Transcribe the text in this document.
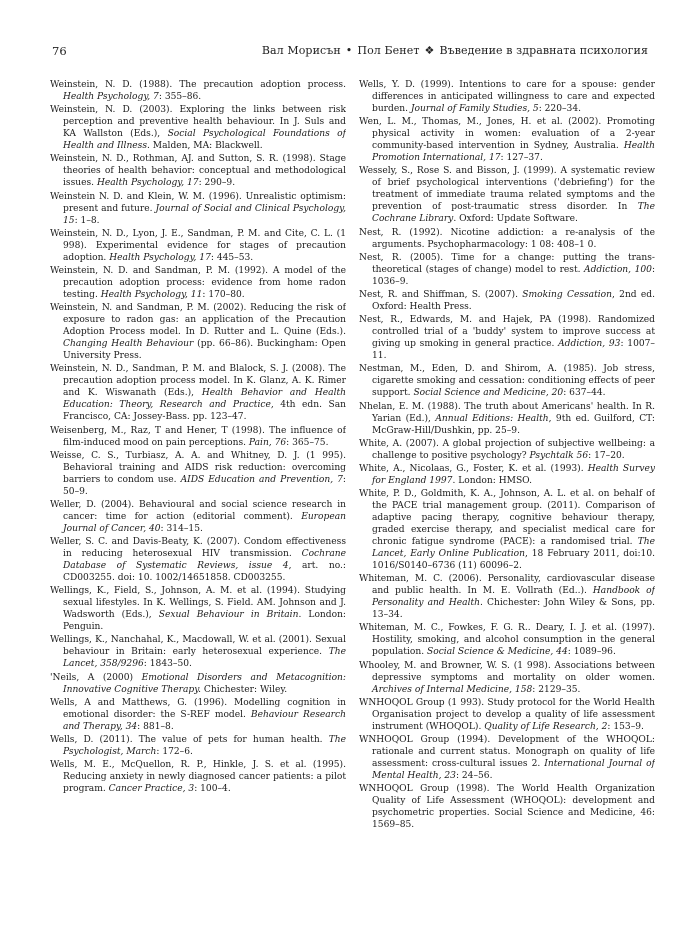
76	Вал Морисън • Пол Бенет ❖ Въведение в здравната психология

Weinstein, N. D. (1988). The precaution adoption process. Health Psychology, 7: 355–86.

Weinstein, N. D. (2003). Exploring the links between risk perception and preventive health behaviour. In J. Suls and KA Wallston (Eds.), Social Psychological Foundations of Health and Illness. Malden, MA: Blackwell.

Weinstein, N. D., Rothman, AJ. and Sutton, S. R. (1998). Stage theories of health behavior: conceptual and methodological issues. Health Psychology, 17: 290–9.

Weinstein N. D. and Klein, W. M. (1996). Unrealistic optimism: present and future. Journal of Social and Clinical Psychology, 15: 1–8.

Weinstein, N. D., Lyon, J. E., Sandman, P. M. and Cite, C. L. (1 998). Experimental evidence for stages of precaution adoption. Health Psychology, 17: 445–53.

Weinstein, N. D. and Sandman, P. M. (1992). A model of the precaution adoption process: evidence from home radon testing. Health Psychology, 11: 170–80.

Weinstein, N. and Sandman, P. M. (2002). Reducing the risk of exposure to radon gas: an application of the Precaution Adoption Process model. In D. Rutter and L. Quine (Eds.). Changing Health Behaviour (pp. 66–86). Buckingham: Open University Press.

Weinstein, N. D., Sandman, P. M. and Blalock, S. J. (2008). The precaution adoption process model. In K. Glanz, A. K. Rimer and K. Wiswanath (Eds.), Health Behavior and Health Education: Theory, Research and Practice, 4th edn. San Francisco, CA: Jossey-Bass. pp. 123–47.

Weisenberg, M., Raz, T and Hener, T (1998). The influence of film-induced mood on pain perceptions. Pain, 76: 365–75.

Weisse, C. S., Turbiasz, A. A. and Whitney, D. J. (1 995). Behavioral training and AIDS risk reduction: overcoming barriers to condom use. AIDS Education and Prevention, 7: 50–9.

Weller, D. (2004). Behavioural and social science research in cancer: time for action (editorial comment). European Journal of Cancer, 40: 314–15.

Weller, S. C. and Davis-Beaty, K. (2007). Condom effectiveness in reducing heterosexual HIV transmission. Cochrane Database of Systematic Reviews, issue 4, art. no.: CD003255. doi: 10. 1002/14651858. CD003255.

Wellings, K., Field, S., Johnson, A. M. et al. (1994). Studying sexual lifestyles. In K. Wellings, S. Field. AM. Johnson and J. Wadsworth (Eds.), Sexual Behaviour in Britain. London: Penguin.

Wellings, K., Nanchahal, K., Macdowall, W. et al. (2001). Sexual behaviour in Britain: early heterosexual experience. The Lancet, 358/9296: 1843–50.

'Neils, A (2000) Emotional Disorders and Metacognition: Innovative Cognitive Therapy. Chichester: Wiley.

Wells, A and Matthews, G. (1996). Modelling cognition in emotional disorder: the S-REF model. Behaviour Research and Therapy, 34: 881–8.

Wells, D. (2011). The value of pets for human health. The Psychologist, March: 172–6.

Wells, M. E., McQuellon, R. P., Hinkle, J. S. et al. (1995). Reducing anxiety in newly diagnosed cancer patients: a pilot program. Cancer Practice, 3: 100–4.

Wells, Y. D. (1999). Intentions to care for a spouse: gender differences in anticipated willingness to care and expected burden. Journal of Family Studies, 5: 220–34.

Wen, L. M., Thomas, M., Jones, H. et al. (2002). Promoting physical activity in women: evaluation of a 2-year community-based intervention in Sydney, Australia. Health Promotion International, 17: 127–37.

Wessely, S., Rose S. and Bisson, J. (1999). A systematic review of brief psychological interventions ('debriefing') for the treatment of immediate trauma related symptoms and the prevention of post-traumatic stress disorder. In The Cochrane Library. Oxford: Update Software.

Nest, R. (1992). Nicotine addiction: a re-analysis of the arguments. Psychopharmacology: 1 08: 408–1 0.

Nest, R. (2005). Time for a change: putting the trans- theoretical (stages of change) model to rest. Addiction, 100: 1036–9.

Nest, R. and Shiffman, S. (2007). Smoking Cessation, 2nd ed. Oxford: Health Press.

Nest, R., Edwards, M. and Hajek, PA (1998). Randomized controlled trial of a 'buddy' system to improve success at giving up smoking in general practice. Addiction, 93: 1007–11.

Nestman, M., Eden, D. and Shirom, A. (1985). Job stress, cigarette smoking and cessation: conditioning effects of peer support. Social Science and Medicine, 20: 637–44.

Nhelan, E. M. (1988). The truth about Americans' health. In R. Yarian (Ed.), Annual Editions: Health, 9th ed. Guilford, CT: McGraw-Hill/Dushkin, pp. 25–9.

White, A. (2007). A global projection of subjective wellbeing: a challenge to positive psychology? Psychtalk 56: 17–20.

White, A., Nicolaas, G., Foster, K. et al. (1993). Health Survey for England 1997. London: HMSO.

White, P. D., Goldmith, K. A., Johnson, A. L. et al. on behalf of the PACE trial management group. (2011). Comparison of adaptive pacing therapy, cognitive behaviour therapy, graded exercise therapy, and specialist medical care for chronic fatigue syndrome (PACE): a randomised trial. The Lancet, Early Online Publication, 18 February 2011, doi:10. 1016/S0140–6736 (11) 60096–2.

Whiteman, M. C. (2006). Personality, cardiovascular disease and public health. In M. E. Vollrath (Ed..). Handbook of Personality and Health. Chichester: John Wiley & Sons, pp. 13–34.

Whiteman, M. C., Fowkes, F. G. R.. Deary, I. J. et al. (1997). Hostility, smoking, and alcohol consumption in the general population. Social Science & Medicine, 44: 1089–96.

Whooley, M. and Browner, W. S. (1 998). Associations between depressive symptoms and mortality on older women. Archives of Internal Medicine, 158: 2129–35.

WNHOQOL Group (1 993). Study protocol for the World Health Organisation project to develop a quality of life assessment instrument (WHOQOL). Quality of Life Research, 2: 153–9.

WNHOQOL Group (1994). Development of the WHOQOL: rationale and current status. Monograph on quality of life assessment: cross-cultural issues 2. International Journal of Mental Health, 23: 24–56.

WNHOQOL Group (1998). The World Health Organization Quality of Life Assessment (WHOQOL): development and psychometric properties. Social Science and Medicine, 46: 1569–85.
